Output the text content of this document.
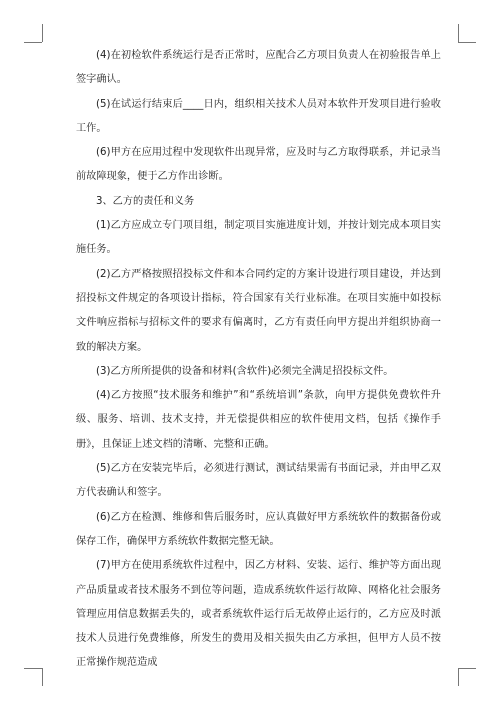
(4)在初检软件系统运行是否正常时，应配合乙方项目负责人在初验报告单上签字确认。

(5)在试运行结束后____日内，组织相关技术人员对本软件开发项目进行验收工作。

(6)甲方在应用过程中发现软件出现异常，应及时与乙方取得联系，并记录当前故障现象，便于乙方作出诊断。

3、乙方的责任和义务

(1)乙方应成立专门项目组，制定项目实施进度计划，并按计划完成本项目实施任务。

(2)乙方严格按照招投标文件和本合同约定的方案计设进行项目建设，并达到招投标文件规定的各项设计指标，符合国家有关行业标准。在项目实施中如投标文件响应指标与招标文件的要求有偏离时，乙方有责任向甲方提出并组织协商一致的解决方案。

(3)乙方所所提供的设备和材料(含软件)必须完全满足招投标文件。

(4)乙方按照“技术服务和维护”和“系统培训”条款，向甲方提供免费软件升级、服务、培训、技术支持，并无偿提供相应的软件使用文档，包括《操作手册》，且保证上述文档的清晰、完整和正确。

(5)乙方在安装完毕后，必须进行测试，测试结果需有书面记录，并由甲乙双方代表确认和签字。

(6)乙方在检测、维修和售后服务时，应认真做好甲方系统软件的数据备份或保存工作，确保甲方系统软件数据完整无缺。

(7)甲方在使用系统软件过程中，因乙方材料、安装、运行、维护等方面出现产品质量或者技术服务不到位等问题，造成系统软件运行故障、网格化社会服务管理应用信息数据丢失的，或者系统软件运行后无故停止运行的，乙方应及时派技术人员进行免费维修，所发生的费用及相关损失由乙方承担，但甲方人员不按正常操作规范造成
